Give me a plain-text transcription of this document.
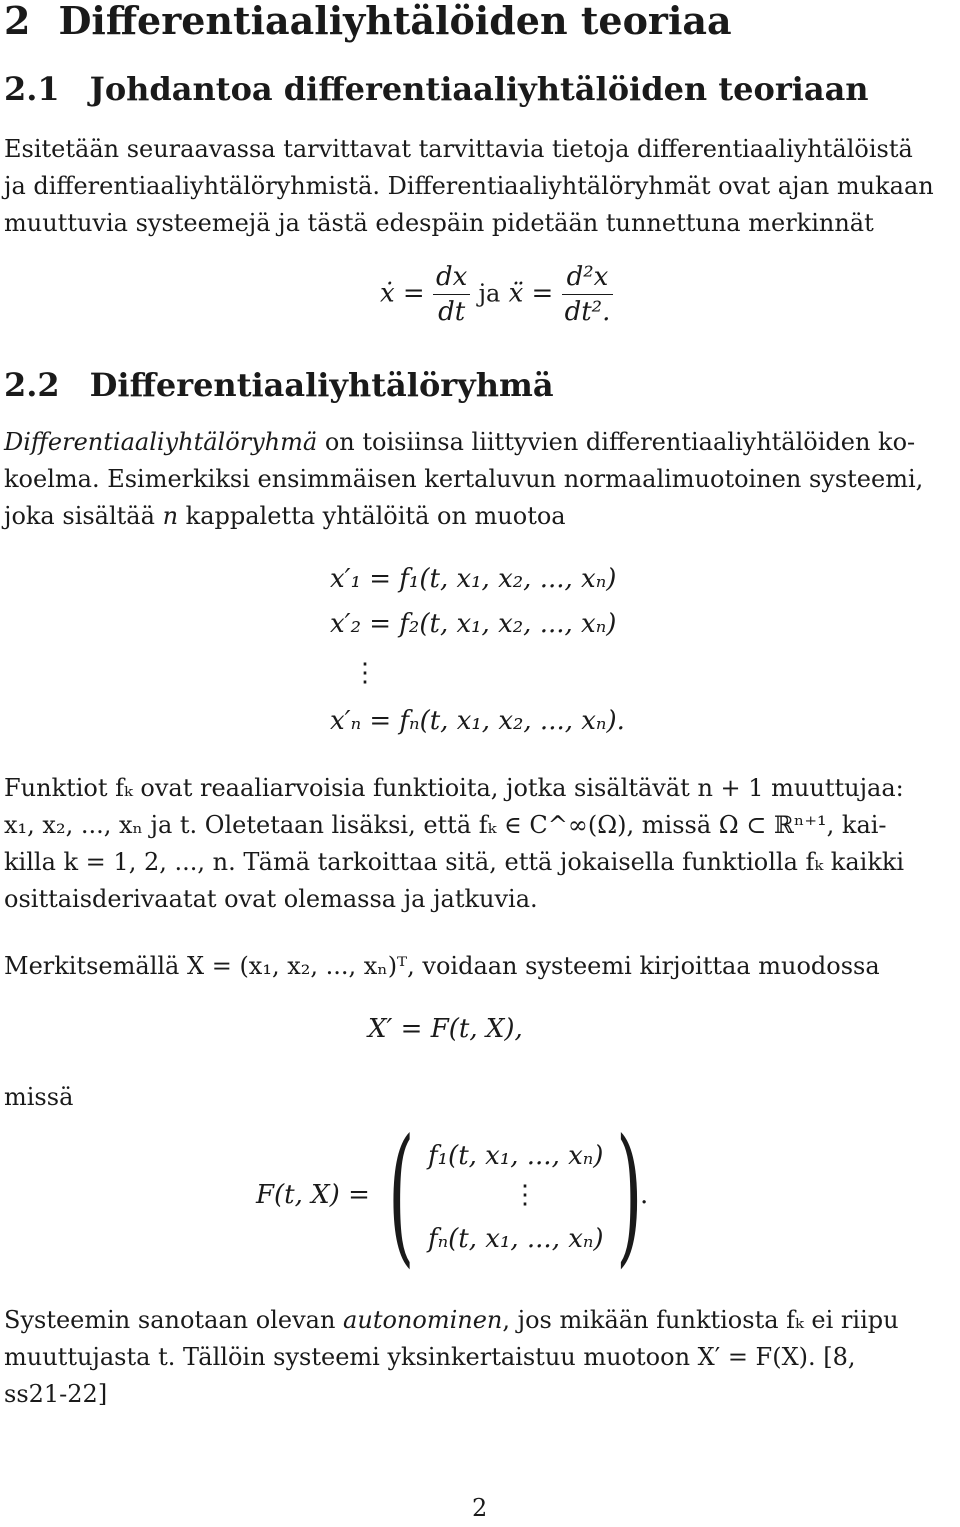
2 Differentiaaliyhtälöiden teoriaa
2.1 Johdantoa differentiaaliyhtälöiden teoriaan
Esitetään seuraavassa tarvittavat tarvittavia tietoja differentiaaliyhtälöistä
ja differentiaaliyhtälöryhmistä. Differentiaaliyhtälöryhmät ovat ajan mukaan
muuttuvia systeemejä ja tästä edespäin pidetään tunnettuna merkinnät
ẋ = $\frac{dx}{dt}$ ja ẍ = $\frac{\text{d²x}}{\text{dt².}}$
2.2 Differentiaaliyhtälöryhmä
Differentiaaliyhtälöryhmä on toisiinsa liittyvien differentiaaliyhtälöiden ko-
koelma. Esimerkiksi ensimmäisen kertaluvun normaalimuotoinen systeemi,
joka sisältää n kappaletta yhtälöitä on muotoa
x′₁ = f₁(t, x₁, x₂, ..., xₙ)
x′₂ = f₂(t, x₁, x₂, ..., xₙ)
⋮
x′ₙ = fₙ(t, x₁, x₂, ..., xₙ).
Funktiot fₖ ovat reaaliarvoisia funktioita, jotka sisältävät n + 1 muuttujaa:
x₁, x₂, ..., xₙ ja t. Oletetaan lisäksi, että fₖ ∈ C^∞(Ω), missä Ω ⊂ ℝⁿ⁺¹, kai-
killa k = 1, 2, ..., n. Tämä tarkoittaa sitä, että jokaisella funktiolla fₖ kaikki
osittaisderivaatat ovat olemassa ja jatkuvia.
Merkitsemällä X = (x₁, x₂, ..., xₙ)ᵀ, voidaan systeemi kirjoittaa muodossa
X′ = F(t, X),
missä
F(t, X) = ( f₁(t, x₁, ..., xₙ)
⋮
fₙ(t, x₁, ..., xₙ) )
.
Systeemin sanotaan olevan autonominen, jos mikään funktiosta fₖ ei riipu
muuttujasta t. Tällöin systeemi yksinkertaistuu muotoon X′ = F(X). [8,
ss21-22]
2
